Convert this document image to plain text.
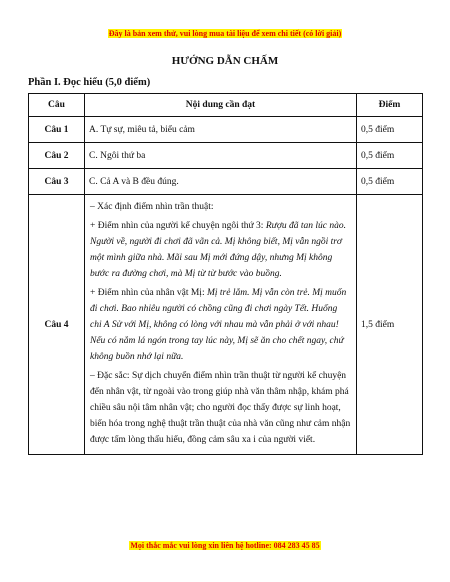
Đây là bản xem thử, vui lòng mua tài liệu để xem chi tiết (có lời giải)
HƯỚNG DẪN CHẤM
Phần I. Đọc hiểu (5,0 điểm)
Câu	Nội dung cần đạt	Điểm
Câu 1	A. Tự sự, miêu tả, biểu cảm	0,5 điểm
Câu 2	C. Ngôi thứ ba	0,5 điểm
Câu 3	C. Cả A và B đều đúng.	0,5 điểm
Câu 4	– Xác định điểm nhìn trần thuật:

+ Điểm nhìn của người kể chuyện ngôi thứ 3: Rượu đã tan lúc nào. Người về, người đi chơi đã vãn cả. Mị không biết, Mị vẫn ngồi trơ một mình giữa nhà. Mãi sau Mị mới đứng dậy, nhưng Mị không bước ra đường chơi, mà Mị từ từ bước vào buồng.

+ Điểm nhìn của nhân vật Mị: Mị trẻ lắm. Mị vẫn còn trẻ. Mị muốn đi chơi. Bao nhiêu người có chồng cũng đi chơi ngày Tết. Huống chi A Sử với Mị, không có lòng với nhau mà vẫn phải ở với nhau! Nếu có nắm lá ngón trong tay lúc này, Mị sẽ ăn cho chết ngay, chứ không buồn nhớ lại nữa.

– Đặc sắc: Sự dịch chuyển điểm nhìn trần thuật từ người kể chuyện đến nhân vật, từ ngoài vào trong giúp nhà văn thâm nhập, khám phá chiều sâu nội tâm nhân vật; cho người đọc thấy được sự linh hoạt, biến hóa trong nghệ thuật trần thuật của nhà văn cũng như cảm nhận được tấm lòng thấu hiểu, đồng cảm sâu xa i của người viết.	1,5 điểm
Mọi thắc mắc vui lòng xin liên hệ hotline: 084 283 45 85
